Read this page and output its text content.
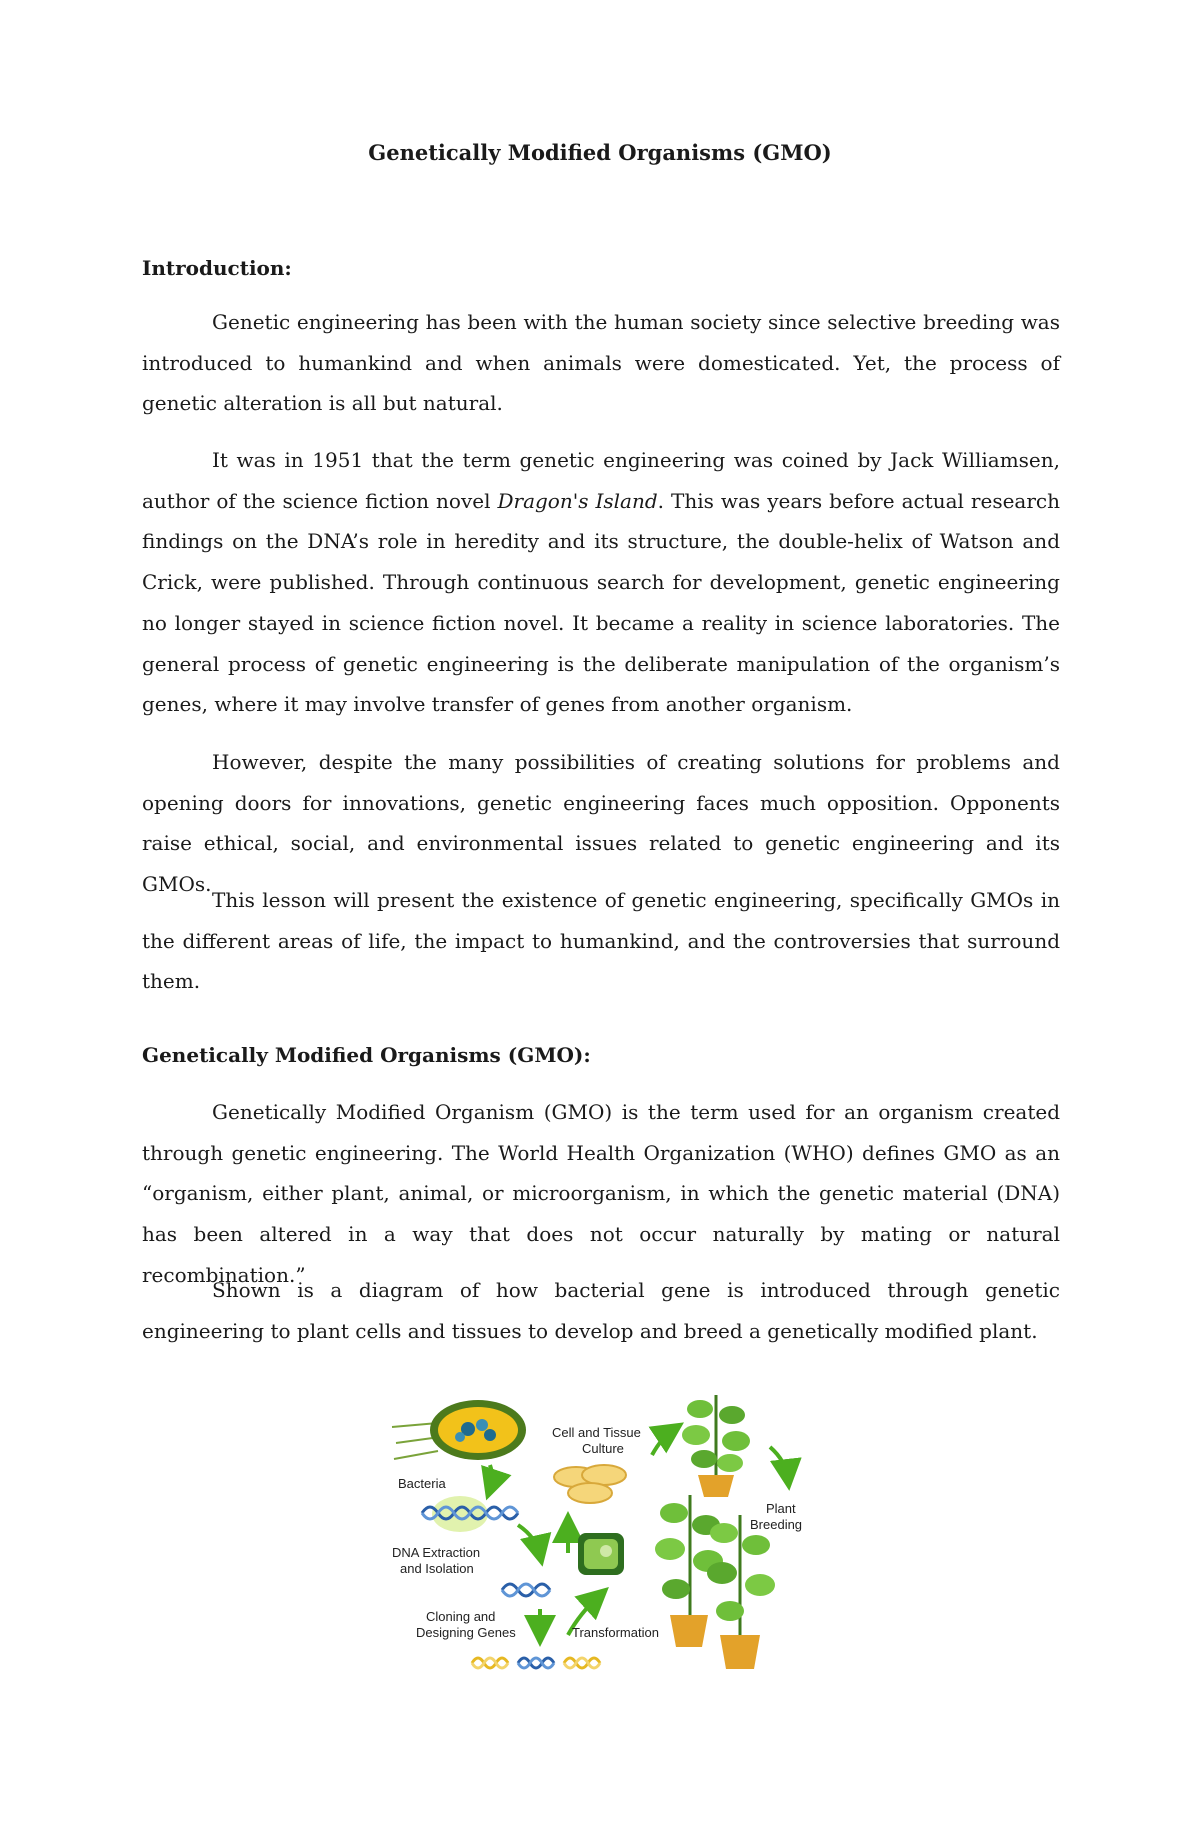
Genetically Modified Organisms (GMO)
Introduction:

Genetic engineering has been with the human society since selective breeding was introduced to humankind and when animals were domesticated. Yet, the process of genetic alteration is all but natural.

It was in 1951 that the term genetic engineering was coined by Jack Williamsen, author of the science fiction novel Dragon's Island. This was years before actual research findings on the DNA’s role in heredity and its structure, the double-helix of Watson and Crick, were published. Through continuous search for development, genetic engineering no longer stayed in science fiction novel. It became a reality in science laboratories. The general process of genetic engineering is the deliberate manipulation of the organism’s genes, where it may involve transfer of genes from another organism.

However, despite the many possibilities of creating solutions for problems and opening doors for innovations, genetic engineering faces much opposition. Opponents raise ethical, social, and environmental issues related to genetic engineering and its GMOs.

This lesson will present the existence of genetic engineering, specifically GMOs in the different areas of life, the impact to humankind, and the controversies that surround them.

Genetically Modified Organisms (GMO):

Genetically Modified Organism (GMO) is the term used for an organism created through genetic engineering. The World Health Organization (WHO) defines GMO as an “organism, either plant, animal, or microorganism, in which the genetic material (DNA) has been altered in a way that does not occur naturally by mating or natural recombination.”

Shown is a diagram of how bacterial gene is introduced through genetic engineering to plant cells and tissues to develop and breed a genetically modified plant.

Bacteria
DNA Extraction
and Isolation
Cloning and
Designing Genes
Cell and Tissue
Culture
Transformation
Plant
Breeding
